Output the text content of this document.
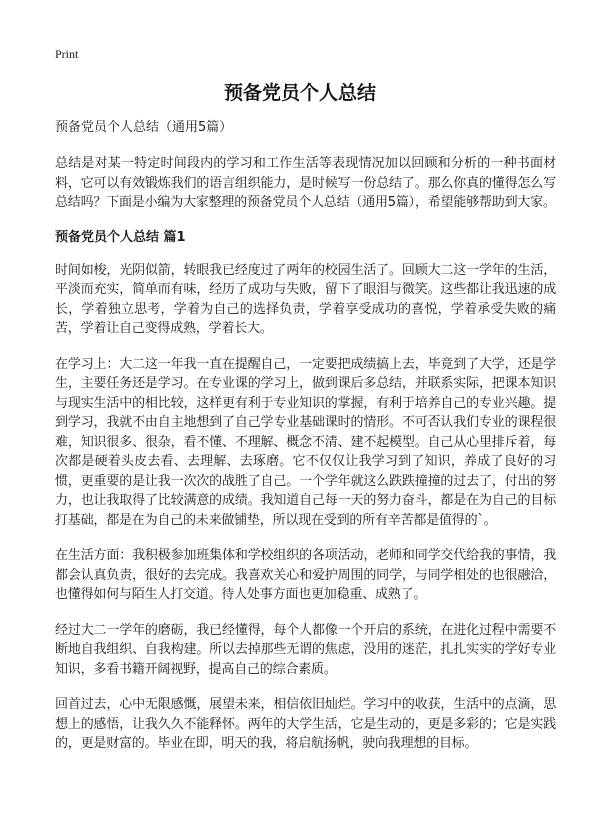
Print
预备党员个人总结
预备党员个人总结（通用5篇）

总结是对某一特定时间段内的学习和工作生活等表现情况加以回顾和分析的一种书面材料，它可以有效锻炼我们的语言组织能力，是时候写一份总结了。那么你真的懂得怎么写总结吗？下面是小编为大家整理的预备党员个人总结（通用5篇），希望能够帮助到大家。

预备党员个人总结 篇1

时间如梭，光阴似箭，转眼我已经度过了两年的校园生活了。回顾大二这一学年的生活，平淡而充实，简单而有味，经历了成功与失败，留下了眼泪与微笑。这些都让我迅速的成长，学着独立思考，学着为自己的选择负责，学着享受成功的喜悦，学着承受失败的痛苦，学着让自己变得成熟，学着长大。

在学习上：大二这一年我一直在提醒自己，一定要把成绩搞上去，毕竟到了大学，还是学生，主要任务还是学习。在专业课的学习上，做到课后多总结，并联系实际，把课本知识与现实生活中的相比较，这样更有利于专业知识的掌握，有利于培养自己的专业兴趣。提到学习，我就不由自主地想到了自己学专业基础课时的情形。不可否认我们专业的课程很难，知识很多、很杂，看不懂、不理解、概念不清、建不起模型。自己从心里排斥着，每次都是硬着头皮去看、去理解、去琢磨。它不仅仅让我学习到了知识，养成了良好的习惯，更重要的是让我一次次的战胜了自己。一个学年就这么跌跌撞撞的过去了，付出的努力，也让我取得了比较满意的成绩。我知道自己每一天的努力奋斗，都是在为自己的目标打基础，都是在为自己的未来做铺垫，所以现在受到的所有辛苦都是值得的`。

在生活方面：我积极参加班集体和学校组织的各项活动，老师和同学交代给我的事情，我都会认真负责，很好的去完成。我喜欢关心和爱护周围的同学，与同学相处的也很融洽，也懂得如何与陌生人打交道。待人处事方面也更加稳重、成熟了。

经过大二一学年的磨砺，我已经懂得，每个人都像一个开启的系统，在进化过程中需要不断地自我组织、自我构建。所以去掉那些无谓的焦虑，没用的迷茫，扎扎实实的学好专业知识，多看书籍开阔视野，提高自己的综合素质。

回首过去，心中无限感慨，展望未来，相信依旧灿烂。学习中的收获，生活中的点滴，思想上的感悟，让我久久不能释怀。两年的大学生活，它是生动的，更是多彩的；它是实践的，更是财富的。毕业在即，明天的我，将启航扬帆，驶向我理想的目标。
